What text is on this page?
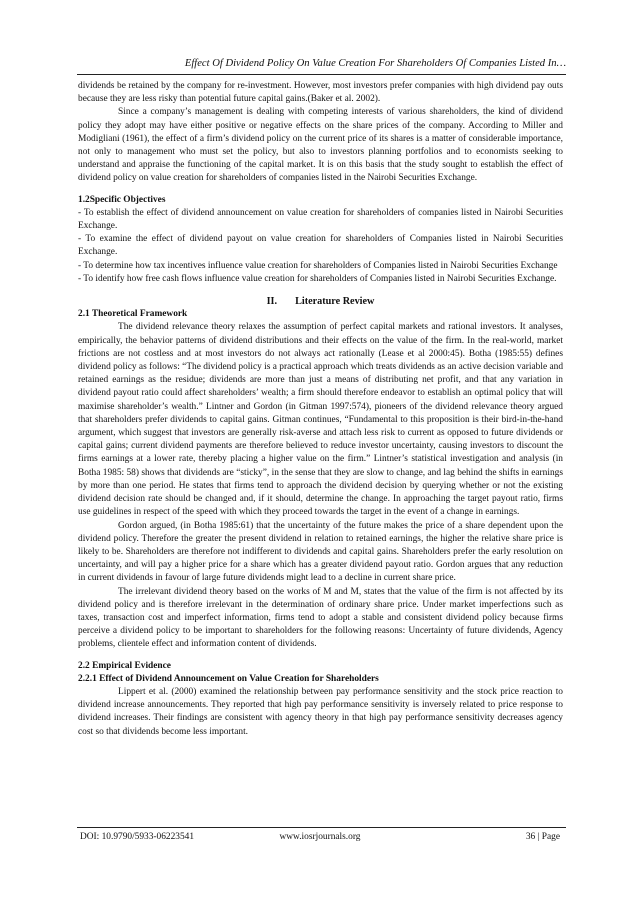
Effect Of Dividend Policy On Value Creation For Shareholders Of Companies Listed In…

dividends be retained by the company for re-investment. However, most investors prefer companies with high dividend pay outs because they are less risky than potential future capital gains.(Baker et al. 2002).

Since a company’s management is dealing with competing interests of various shareholders, the kind of dividend policy they adopt may have either positive or negative effects on the share prices of the company. According to Miller and Modigliani (1961), the effect of a firm’s dividend policy on the current price of its shares is a matter of considerable importance, not only to management who must set the policy, but also to investors planning portfolios and to economists seeking to understand and appraise the functioning of the capital market. It is on this basis that the study sought to establish the effect of dividend policy on value creation for shareholders of companies listed in the Nairobi Securities Exchange.

1.2Specific Objectives

- To establish the effect of dividend announcement on value creation for shareholders of companies listed in Nairobi Securities Exchange.

- To examine the effect of dividend payout on value creation for shareholders of Companies listed in Nairobi Securities Exchange.

- To determine how tax incentives influence value creation for shareholders of Companies listed in Nairobi Securities Exchange

- To identify how free cash flows influence value creation for shareholders of Companies listed in Nairobi Securities Exchange.

II. Literature Review

2.1 Theoretical Framework

The dividend relevance theory relaxes the assumption of perfect capital markets and rational investors. It analyses, empirically, the behavior patterns of dividend distributions and their effects on the value of the firm. In the real-world, market frictions are not costless and at most investors do not always act rationally (Lease et al 2000:45). Botha (1985:55) defines dividend policy as follows: “The dividend policy is a practical approach which treats dividends as an active decision variable and retained earnings as the residue; dividends are more than just a means of distributing net profit, and that any variation in dividend payout ratio could affect shareholders’ wealth; a firm should therefore endeavor to establish an optimal policy that will maximise shareholder’s wealth.” Lintner and Gordon (in Gitman 1997:574), pioneers of the dividend relevance theory argued that shareholders prefer dividends to capital gains. Gitman continues, “Fundamental to this proposition is their bird-in-the-hand argument, which suggest that investors are generally risk-averse and attach less risk to current as opposed to future dividends or capital gains; current dividend payments are therefore believed to reduce investor uncertainty, causing investors to discount the firms earnings at a lower rate, thereby placing a higher value on the firm.” Lintner’s statistical investigation and analysis (in Botha 1985: 58) shows that dividends are “sticky”, in the sense that they are slow to change, and lag behind the shifts in earnings by more than one period. He states that firms tend to approach the dividend decision by querying whether or not the existing dividend decision rate should be changed and, if it should, determine the change. In approaching the target payout ratio, firms use guidelines in respect of the speed with which they proceed towards the target in the event of a change in earnings.

Gordon argued, (in Botha 1985:61) that the uncertainty of the future makes the price of a share dependent upon the dividend policy. Therefore the greater the present dividend in relation to retained earnings, the higher the relative share price is likely to be. Shareholders are therefore not indifferent to dividends and capital gains. Shareholders prefer the early resolution on uncertainty, and will pay a higher price for a share which has a greater dividend payout ratio. Gordon argues that any reduction in current dividends in favour of large future dividends might lead to a decline in current share price.

The irrelevant dividend theory based on the works of M and M, states that the value of the firm is not affected by its dividend policy and is therefore irrelevant in the determination of ordinary share price. Under market imperfections such as taxes, transaction cost and imperfect information, firms tend to adopt a stable and consistent dividend policy because firms perceive a dividend policy to be important to shareholders for the following reasons: Uncertainty of future dividends, Agency problems, clientele effect and information content of dividends.

2.2 Empirical Evidence

2.2.1 Effect of Dividend Announcement on Value Creation for Shareholders

Lippert et al. (2000) examined the relationship between pay performance sensitivity and the stock price reaction to dividend increase announcements. They reported that high pay performance sensitivity is inversely related to price response to dividend increases. Their findings are consistent with agency theory in that high pay performance sensitivity decreases agency cost so that dividends become less important.

DOI: 10.9790/5933-06223541	www.iosrjournals.org	36 | Page
